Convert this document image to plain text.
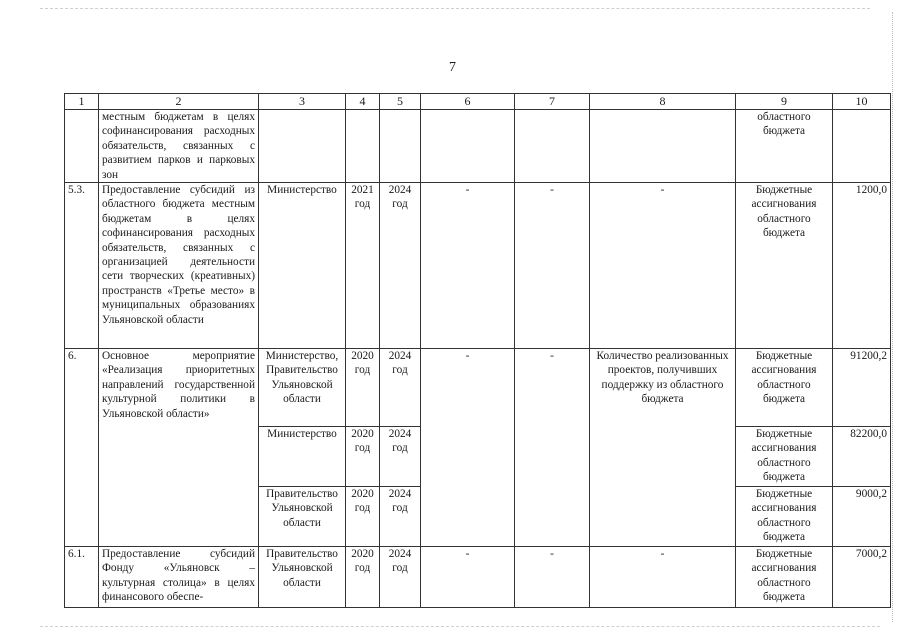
7
1	2	3	4	5	6	7	8	9	10
	местным бюджетам в целях софинансирования расходных обязательств, связанных с развитием парков и парковых зон							областного бюджета	
5.3.	Предоставление субсидий из областного бюджета местным бюджетам в целях софинансирования расходных обязательств, связанных с организацией деятельности сети творческих (креативных) пространств «Третье место» в муниципальных образованиях Ульяновской области	Министерство	2021 год	2024 год	-	-	-	Бюджетные ассигнования областного бюджета	1200,0
6.	Основное мероприятие «Реализация приоритетных направлений государственной культурной политики в Ульяновской области»	Министерство, Правительство Ульяновской области	2020 год	2024 год	-	-	Количество реализованных проектов, получивших поддержку из областного бюджета	Бюджетные ассигнования областного бюджета	91200,2
		Министерство	2020 год	2024 год				Бюджетные ассигнования областного бюджета	82200,0
		Правительство Ульяновской области	2020 год	2024 год				Бюджетные ассигнования областного бюджета	9000,2
6.1.	Предоставление субсидий Фонду «Ульяновск – культурная столица» в целях финансового обеспе-	Правительство Ульяновской области	2020 год	2024 год	-	-	-	Бюджетные ассигнования областного бюджета	7000,2
